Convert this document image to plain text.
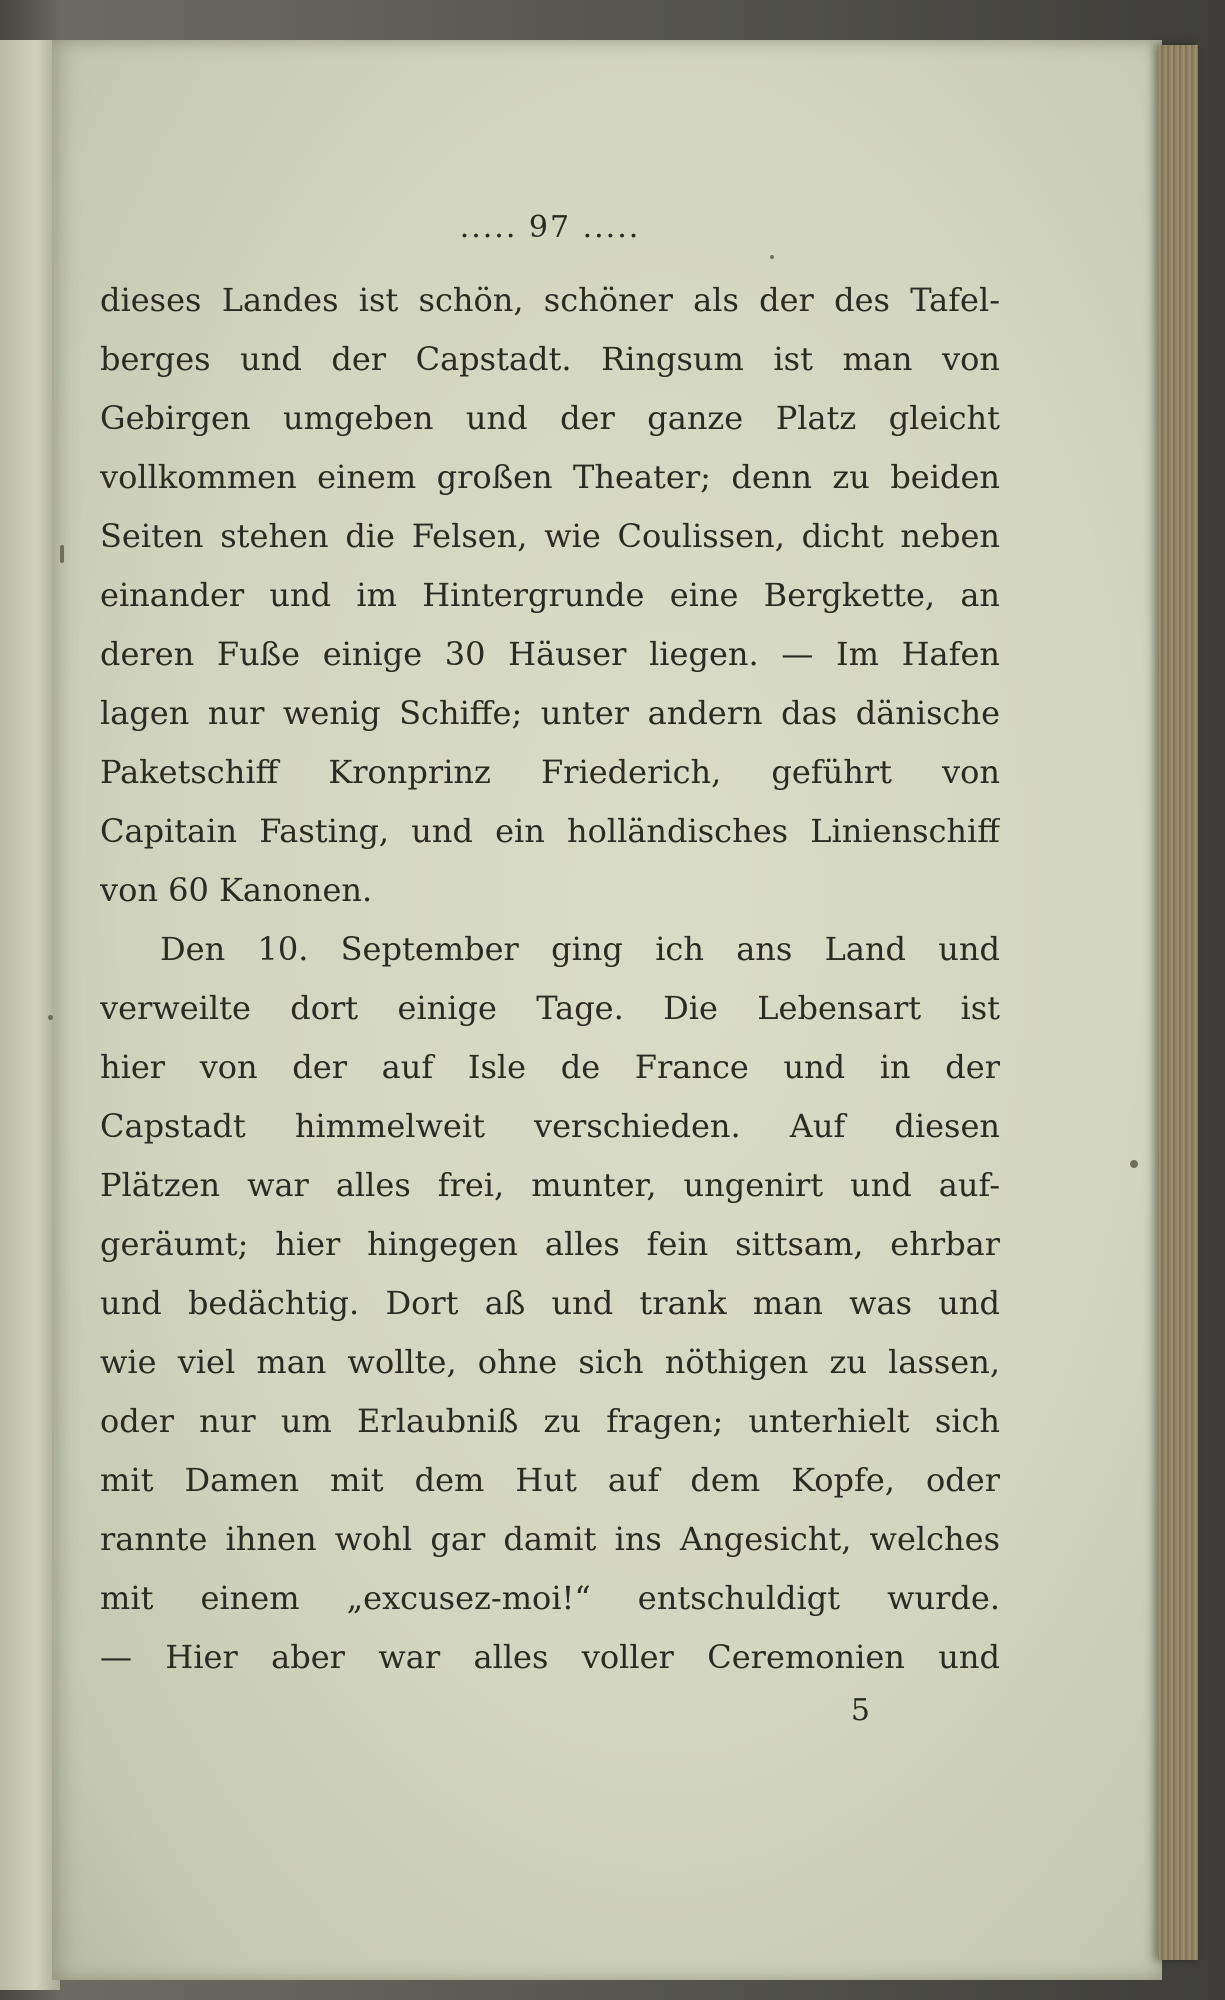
..... 97 .....
dieses Landes ist schön, schöner als der des Tafel-
berges und der Capstadt. Ringsum ist man von
Gebirgen umgeben und der ganze Platz gleicht
vollkommen einem großen Theater; denn zu beiden
Seiten stehen die Felsen, wie Coulissen, dicht neben
einander und im Hintergrunde eine Bergkette, an
deren Fuße einige 30 Häuser liegen. — Im Hafen
lagen nur wenig Schiffe; unter andern das dänische
Paketschiff Kronprinz Friederich, geführt von
Capitain Fasting, und ein holländisches Linienschiff
von 60 Kanonen.
Den 10. September ging ich ans Land und
verweilte dort einige Tage. Die Lebensart ist
hier von der auf Isle de France und in der
Capstadt himmelweit verschieden. Auf diesen
Plätzen war alles frei, munter, ungenirt und auf-
geräumt; hier hingegen alles fein sittsam, ehrbar
und bedächtig. Dort aß und trank man was und
wie viel man wollte, ohne sich nöthigen zu lassen,
oder nur um Erlaubniß zu fragen; unterhielt sich
mit Damen mit dem Hut auf dem Kopfe, oder
rannte ihnen wohl gar damit ins Angesicht, welches
mit einem „excusez-moi!“ entschuldigt wurde.
— Hier aber war alles voller Ceremonien und
5
